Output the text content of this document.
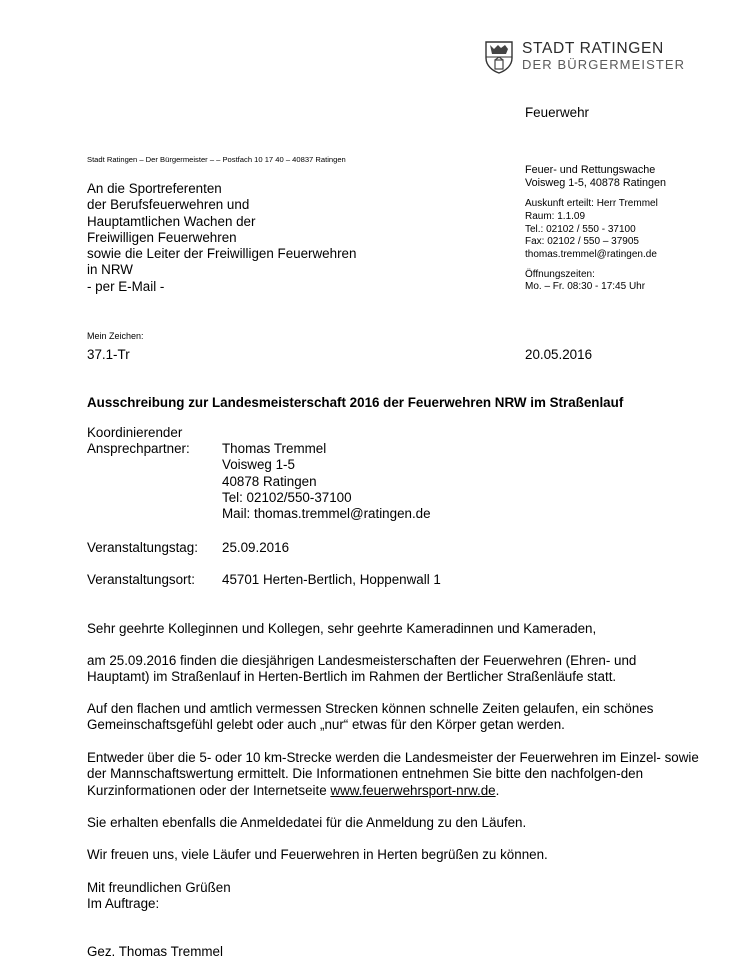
STADT RATINGEN
DER BÜRGERMEISTER
Feuerwehr
Stadt Ratingen – Der Bürgermeister – – Postfach 10 17 40 – 40837 Ratingen
An die Sportreferenten
der Berufsfeuerwehren und
Hauptamtlichen Wachen der
Freiwilligen Feuerwehren
sowie die Leiter der Freiwilligen Feuerwehren
in NRW
- per E-Mail -
Feuer- und Rettungswache
Voisweg 1-5, 40878 Ratingen
Auskunft erteilt: Herr Tremmel
Raum: 1.1.09
Tel.: 02102 / 550 - 37100
Fax: 02102 / 550 – 37905
thomas.tremmel@ratingen.de
Öffnungszeiten:
Mo. – Fr. 08:30 - 17:45 Uhr
Mein Zeichen:
37.1-Tr	20.05.2016
Ausschreibung zur Landesmeisterschaft 2016 der Feuerwehren NRW im Straßenlauf
Koordinierender
Ansprechpartner: Thomas Tremmel
Voisweg 1-5
40878 Ratingen
Tel: 02102/550-37100
Mail: thomas.tremmel@ratingen.de
Veranstaltungstag: 25.09.2016
Veranstaltungsort: 45701 Herten-Bertlich, Hoppenwall 1
Sehr geehrte Kolleginnen und Kollegen, sehr geehrte Kameradinnen und Kameraden,
am 25.09.2016 finden die diesjährigen Landesmeisterschaften der Feuerwehren (Ehren- und Hauptamt) im Straßenlauf in Herten-Bertlich im Rahmen der Bertlicher Straßenläufe statt.
Auf den flachen und amtlich vermessen Strecken können schnelle Zeiten gelaufen, ein schönes Gemeinschaftsgefühl gelebt oder auch „nur“ etwas für den Körper getan werden.
Entweder über die 5- oder 10 km-Strecke werden die Landesmeister der Feuerwehren im Einzel- sowie der Mannschaftswertung ermittelt. Die Informationen entnehmen Sie bitte den nachfolgen-den Kurzinformationen oder der Internetseite www.feuerwehrsport-nrw.de.
Sie erhalten ebenfalls die Anmeldedatei für die Anmeldung zu den Läufen.
Wir freuen uns, viele Läufer und Feuerwehren in Herten begrüßen zu können.
Mit freundlichen Grüßen
Im Auftrage:
Gez. Thomas Tremmel
